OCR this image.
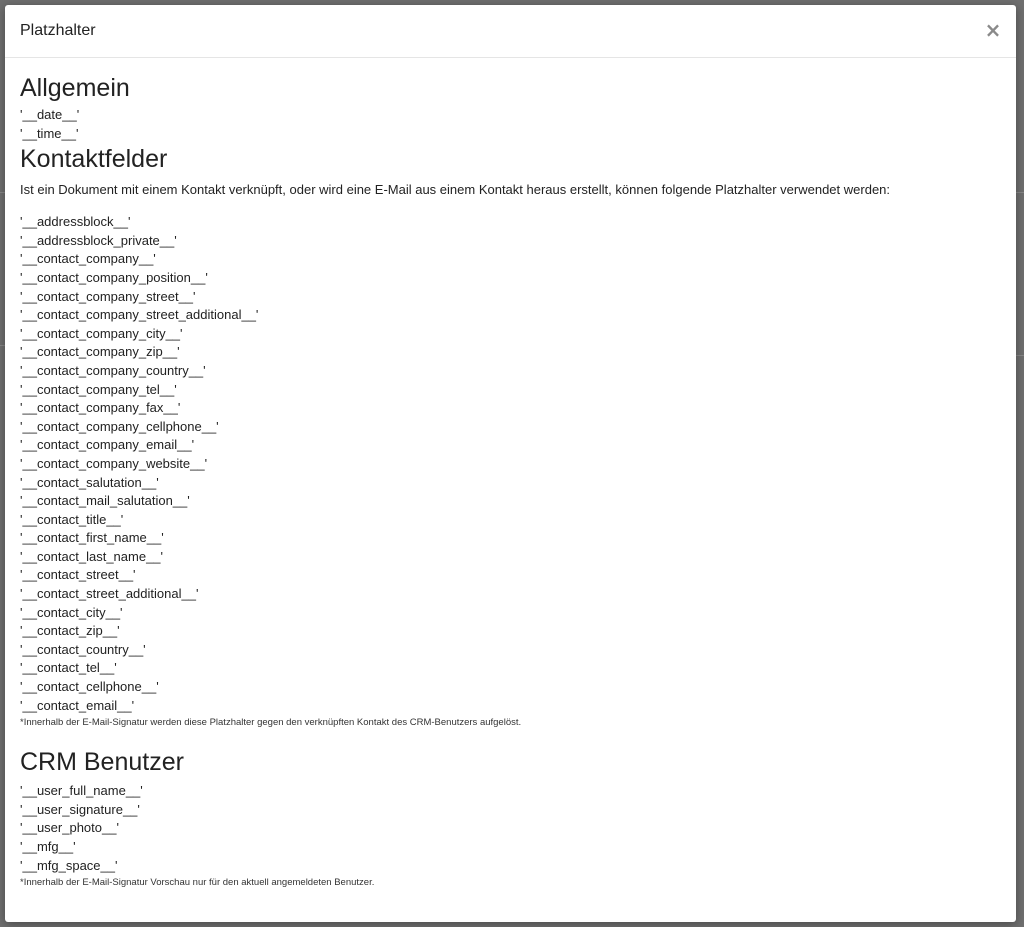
Platzhalter	×
Allgemein
'__date__'
'__time__'
Kontaktfelder
Ist ein Dokument mit einem Kontakt verknüpft, oder wird eine E-Mail aus einem Kontakt heraus erstellt, können folgende Platzhalter verwendet werden:
'__addressblock__'
'__addressblock_private__'
'__contact_company__'
'__contact_company_position__'
'__contact_company_street__'
'__contact_company_street_additional__'
'__contact_company_city__'
'__contact_company_zip__'
'__contact_company_country__'
'__contact_company_tel__'
'__contact_company_fax__'
'__contact_company_cellphone__'
'__contact_company_email__'
'__contact_company_website__'
'__contact_salutation__'
'__contact_mail_salutation__'
'__contact_title__'
'__contact_first_name__'
'__contact_last_name__'
'__contact_street__'
'__contact_street_additional__'
'__contact_city__'
'__contact_zip__'
'__contact_country__'
'__contact_tel__'
'__contact_cellphone__'
'__contact_email__'
*Innerhalb der E-Mail-Signatur werden diese Platzhalter gegen den verknüpften Kontakt des CRM-Benutzers aufgelöst.
CRM Benutzer
'__user_full_name__'
'__user_signature__'
'__user_photo__'
'__mfg__'
'__mfg_space__'
*Innerhalb der E-Mail-Signatur Vorschau nur für den aktuell angemeldeten Benutzer.
